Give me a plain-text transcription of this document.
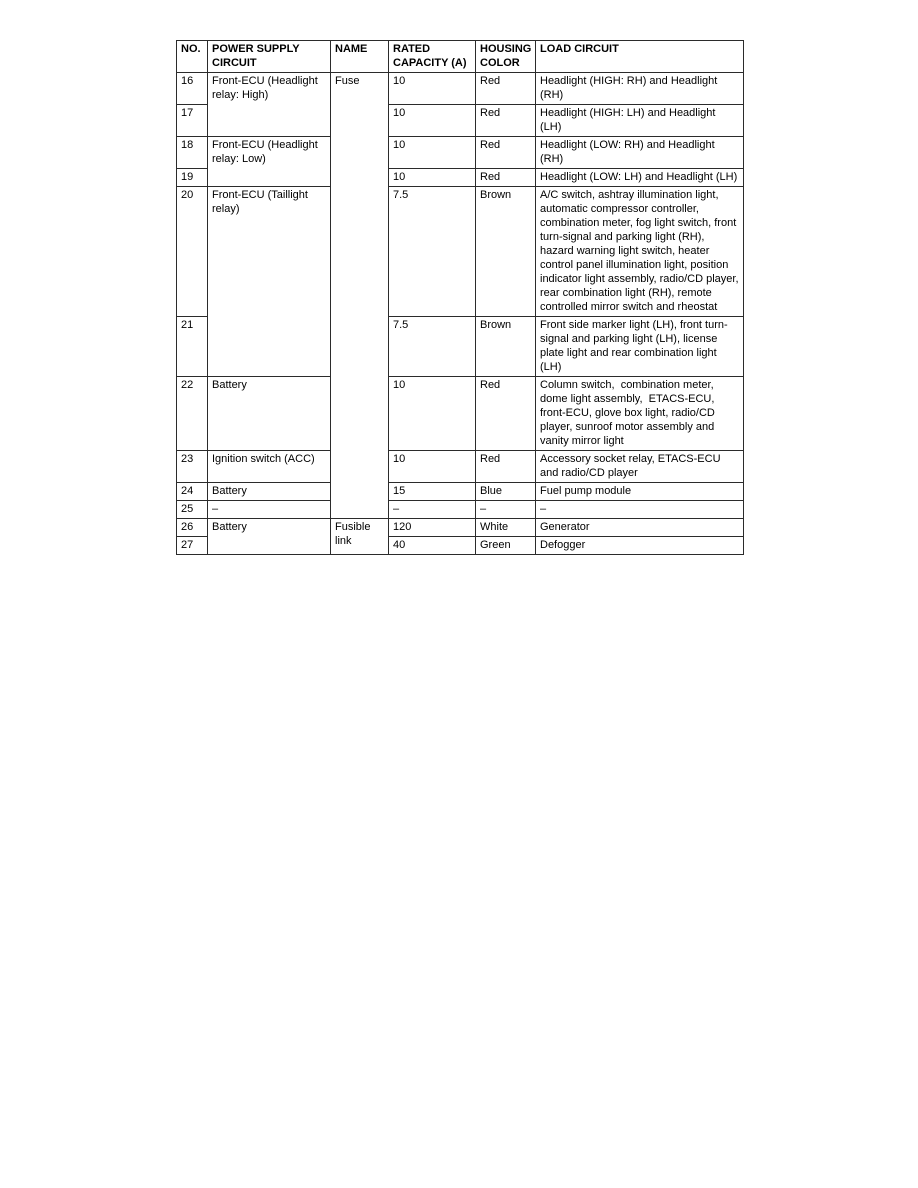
NO.	POWER SUPPLY CIRCUIT	NAME	RATED CAPACITY (A)	HOUSING COLOR	LOAD CIRCUIT
16	Front-ECU (Headlight relay: High)	Fuse	10	Red	Headlight (HIGH: RH) and Headlight (RH)
17			10	Red	Headlight (HIGH: LH) and Headlight (LH)
18	Front-ECU (Headlight relay: Low)		10	Red	Headlight (LOW: RH) and Headlight (RH)
19			10	Red	Headlight (LOW: LH) and Headlight (LH)
20	Front-ECU (Taillight relay)		7.5	Brown	A/C switch, ashtray illumination light, automatic compressor controller, combination meter, fog light switch, front turn-signal and parking light (RH), hazard warning light switch, heater control panel illumination light, position indicator light assembly, radio/CD player, rear combination light (RH), remote controlled mirror switch and rheostat
21			7.5	Brown	Front side marker light (LH), front turn-signal and parking light (LH), license plate light and rear combination light (LH)
22	Battery		10	Red	Column switch,  combination meter, dome light assembly,  ETACS-ECU, front-ECU, glove box light, radio/CD player, sunroof motor assembly and vanity mirror light
23	Ignition switch (ACC)		10	Red	Accessory socket relay, ETACS-ECU and radio/CD player
24	Battery		15	Blue	Fuel pump module
25	–		–	–	–
26	Battery	Fusible link	120	White	Generator
27			40	Green	Defogger
